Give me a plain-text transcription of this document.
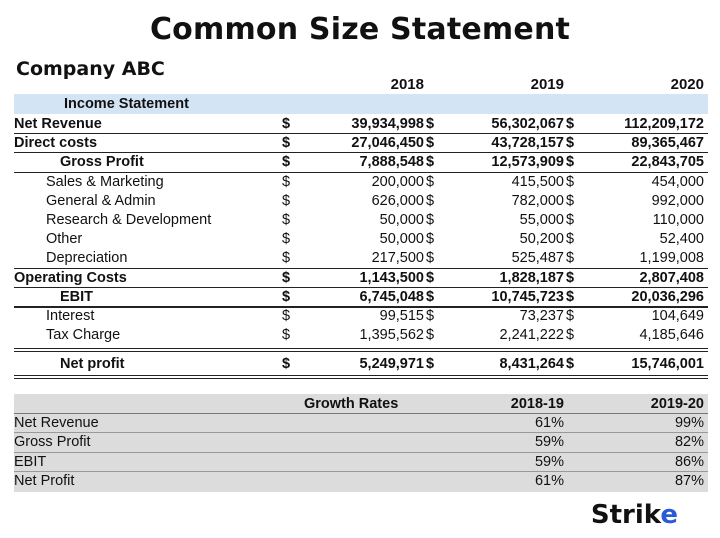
Common Size Statement
Company ABC
2018	2019	2020
Income Statement
Net Revenue	$	39,934,998 $	56,302,067 $	112,209,172
Direct costs	$	27,046,450 $	43,728,157 $	89,365,467
Gross Profit	$	7,888,548 $	12,573,909 $	22,843,705
Sales & Marketing	$	200,000 $	415,500 $	454,000
General & Admin	$	626,000 $	782,000 $	992,000
Research & Development	$	50,000 $	55,000 $	110,000
Other	$	50,000 $	50,200 $	52,400
Depreciation	$	217,500 $	525,487 $	1,199,008
Operating Costs	$	1,143,500 $	1,828,187 $	2,807,408
EBIT	$	6,745,048 $	10,745,723 $	20,036,296
Interest	$	99,515 $	73,237 $	104,649
Tax Charge	$	1,395,562 $	2,241,222 $	4,185,646
Net profit	$	5,249,971 $	8,431,264 $	15,746,001
Growth Rates	2018-19	2019-20
Net Revenue	61%	99%
Gross Profit	59%	82%
EBIT	59%	86%
Net Profit	61%	87%
Strike
